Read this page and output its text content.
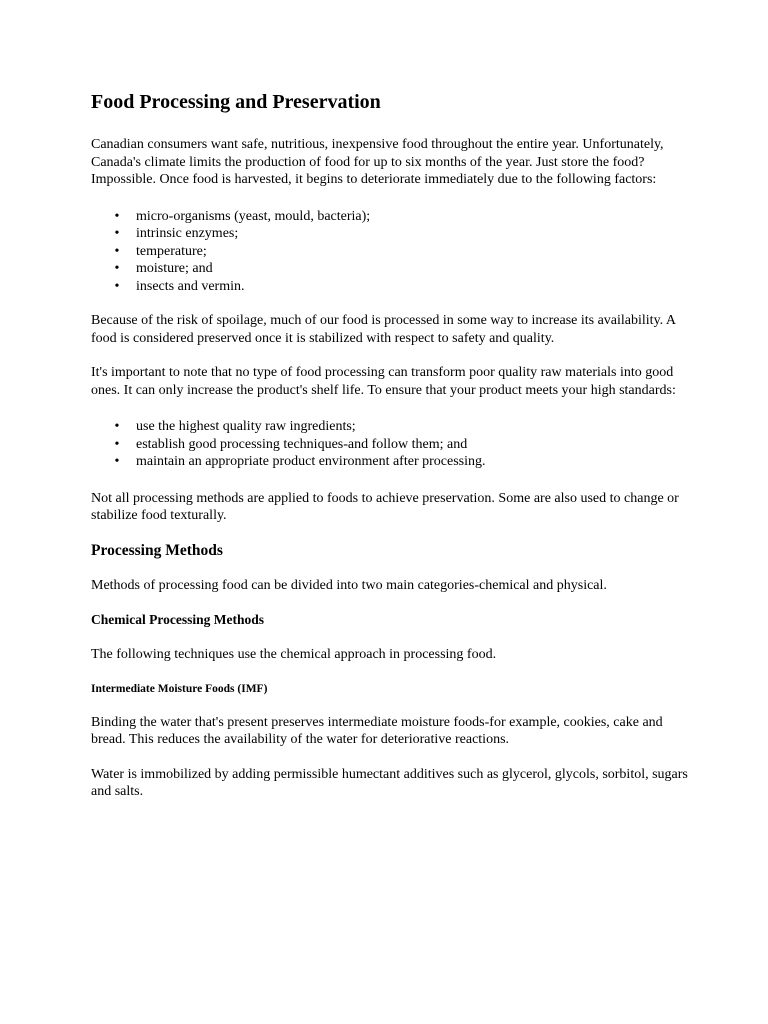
Food Processing and Preservation

Canadian consumers want safe, nutritious, inexpensive food throughout the entire year. Unfortunately, Canada's climate limits the production of food for up to six months of the year. Just store the food? Impossible. Once food is harvested, it begins to deteriorate immediately due to the following factors:

• micro-organisms (yeast, mould, bacteria);
• intrinsic enzymes;
• temperature;
• moisture; and
• insects and vermin.

Because of the risk of spoilage, much of our food is processed in some way to increase its availability. A food is considered preserved once it is stabilized with respect to safety and quality.

It's important to note that no type of food processing can transform poor quality raw materials into good ones. It can only increase the product's shelf life. To ensure that your product meets your high standards:

• use the highest quality raw ingredients;
• establish good processing techniques-and follow them; and
• maintain an appropriate product environment after processing.

Not all processing methods are applied to foods to achieve preservation. Some are also used to change or stabilize food texturally.

Processing Methods

Methods of processing food can be divided into two main categories-chemical and physical.

Chemical Processing Methods

The following techniques use the chemical approach in processing food.

Intermediate Moisture Foods (IMF)

Binding the water that's present preserves intermediate moisture foods-for example, cookies, cake and bread. This reduces the availability of the water for deteriorative reactions.

Water is immobilized by adding permissible humectant additives such as glycerol, glycols, sorbitol, sugars and salts.
